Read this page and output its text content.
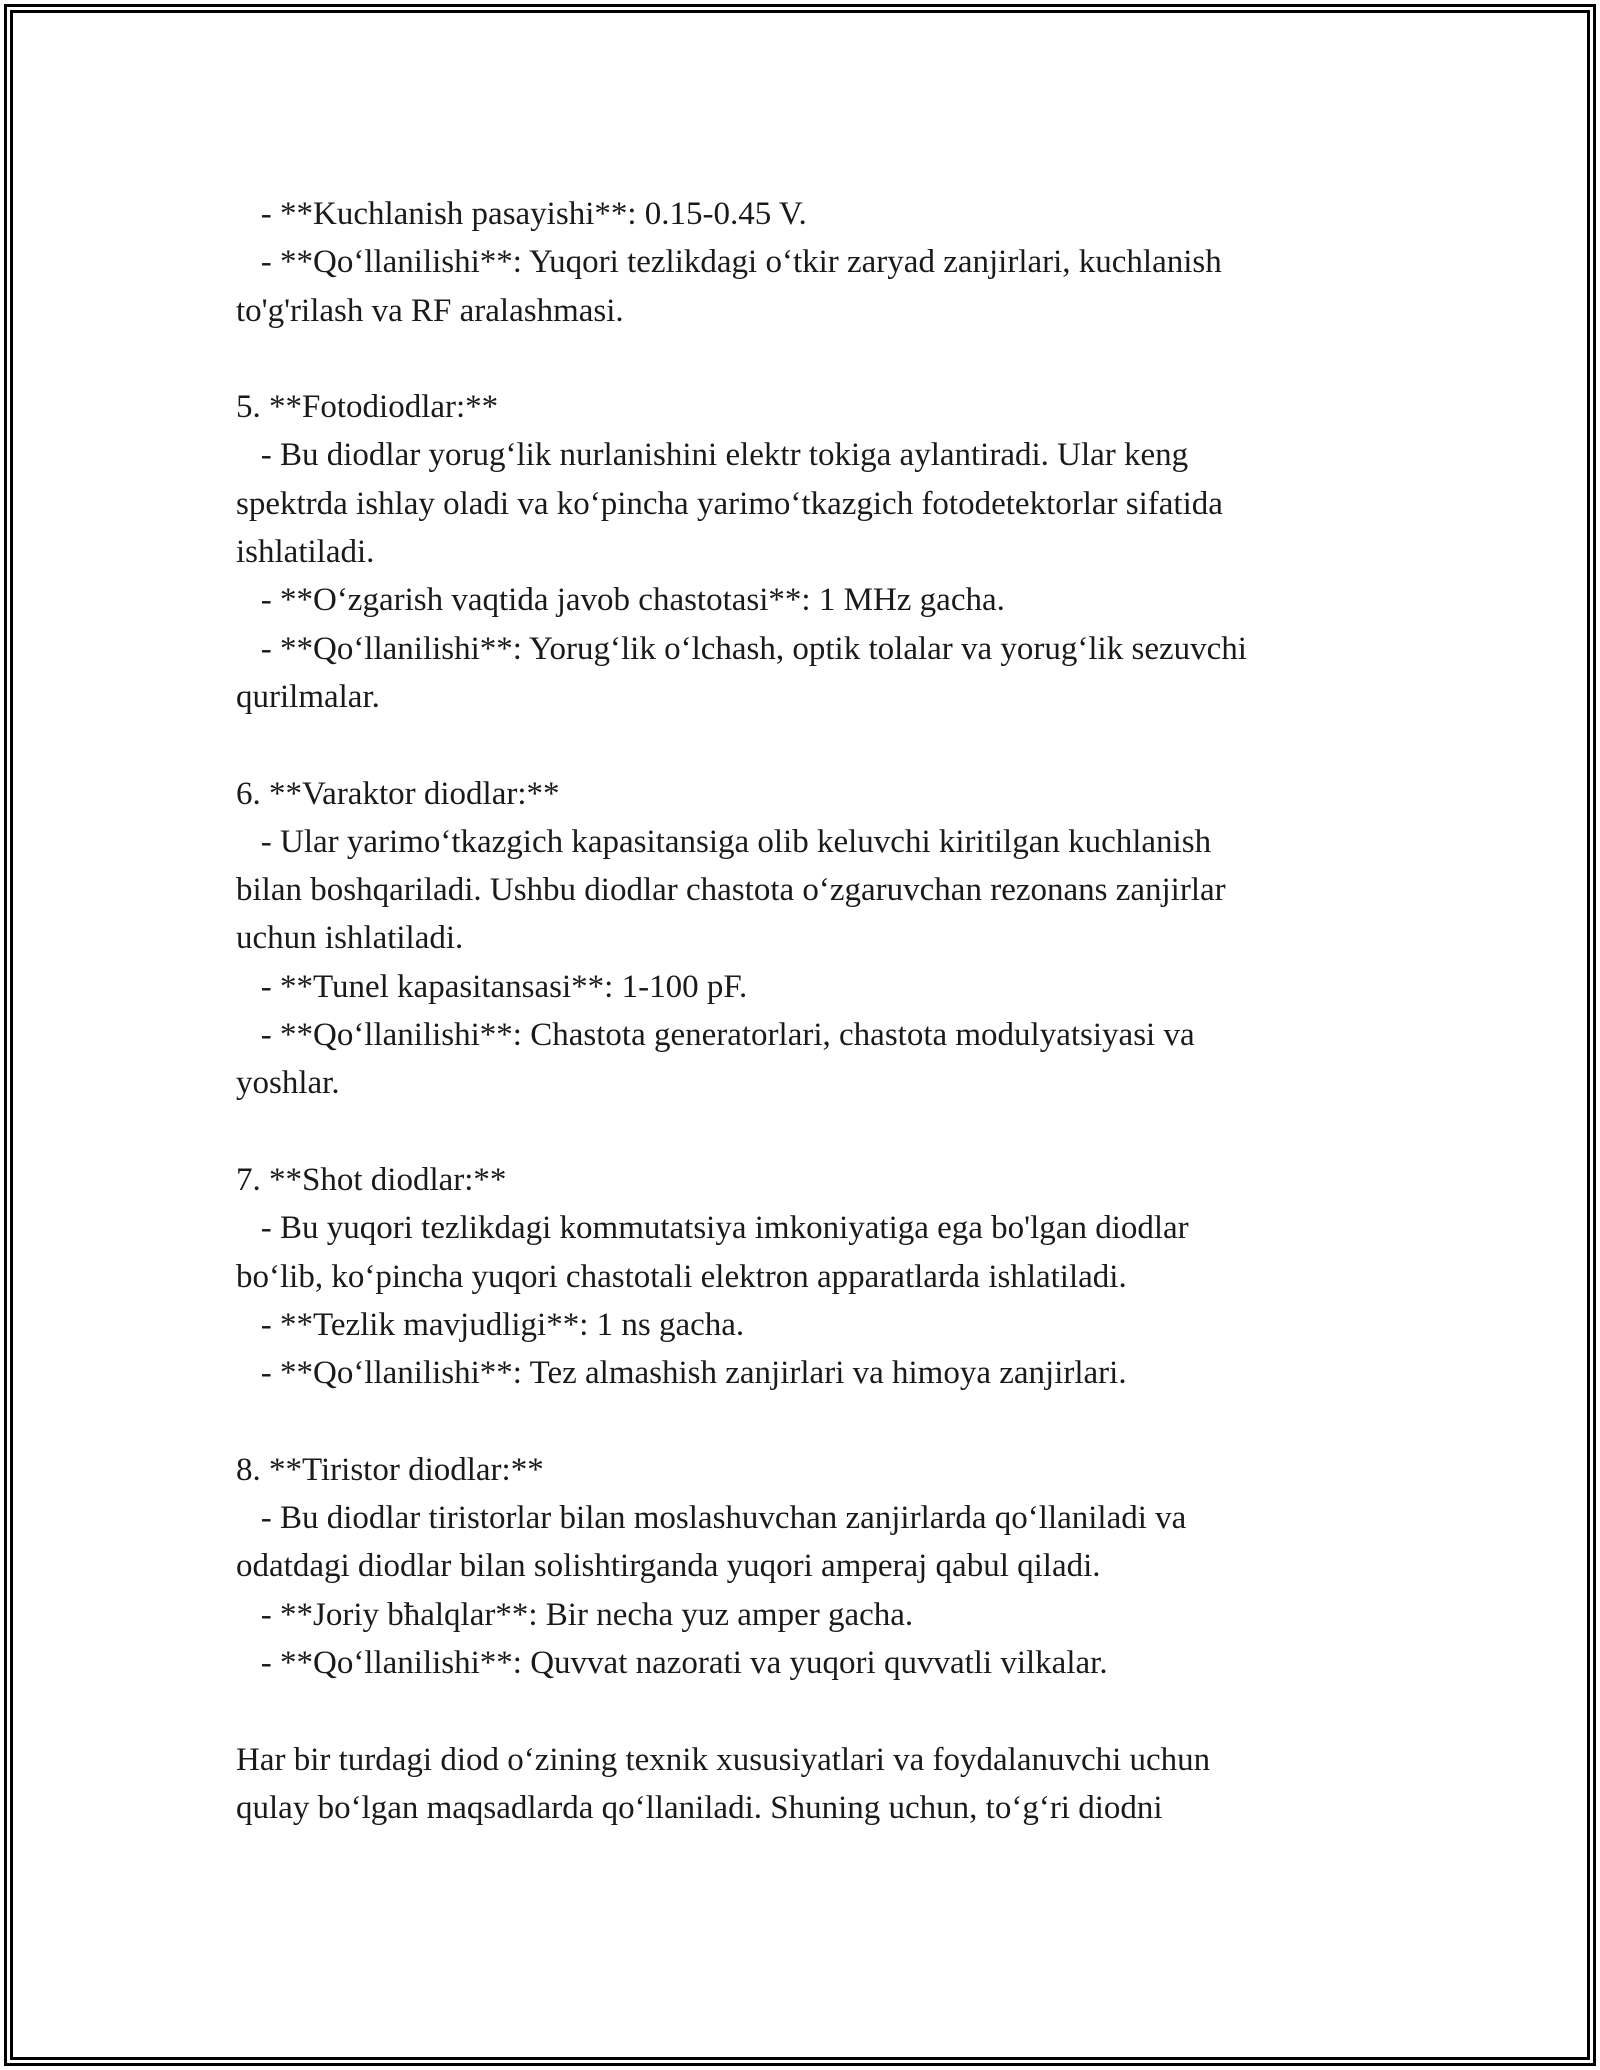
- **Kuchlanish pasayishi**: 0.15-0.45 V.
- **Qo‘llanilishi**: Yuqori tezlikdagi o‘tkir zaryad zanjirlari, kuchlanish
to'g'rilash va RF aralashmasi.
5. **Fotodiodlar:**
- Bu diodlar yorug‘lik nurlanishini elektr tokiga aylantiradi. Ular keng
spektrda ishlay oladi va ko‘pincha yarimo‘tkazgich fotodetektorlar sifatida
ishlatiladi.
- **O‘zgarish vaqtida javob chastotasi**: 1 MHz gacha.
- **Qo‘llanilishi**: Yorug‘lik o‘lchash, optik tolalar va yorug‘lik sezuvchi
qurilmalar.
6. **Varaktor diodlar:**
- Ular yarimo‘tkazgich kapasitansiga olib keluvchi kiritilgan kuchlanish
bilan boshqariladi. Ushbu diodlar chastota o‘zgaruvchan rezonans zanjirlar
uchun ishlatiladi.
- **Tunel kapasitansasi**: 1-100 pF.
- **Qo‘llanilishi**: Chastota generatorlari, chastota modulyatsiyasi va
yoshlar.
7. **Shot diodlar:**
- Bu yuqori tezlikdagi kommutatsiya imkoniyatiga ega bo'lgan diodlar
bo‘lib, ko‘pincha yuqori chastotali elektron apparatlarda ishlatiladi.
- **Tezlik mavjudligi**: 1 ns gacha.
- **Qo‘llanilishi**: Tez almashish zanjirlari va himoya zanjirlari.
8. **Tiristor diodlar:**
- Bu diodlar tiristorlar bilan moslashuvchan zanjirlarda qo‘llaniladi va
odatdagi diodlar bilan solishtirganda yuqori amperaj qabul qiladi.
- **Joriy bħalqlar**: Bir necha yuz amper gacha.
- **Qo‘llanilishi**: Quvvat nazorati va yuqori quvvatli vilkalar.
Har bir turdagi diod o‘zining texnik xususiyatlari va foydalanuvchi uchun
qulay bo‘lgan maqsadlarda qo‘llaniladi. Shuning uchun, to‘g‘ri diodni
